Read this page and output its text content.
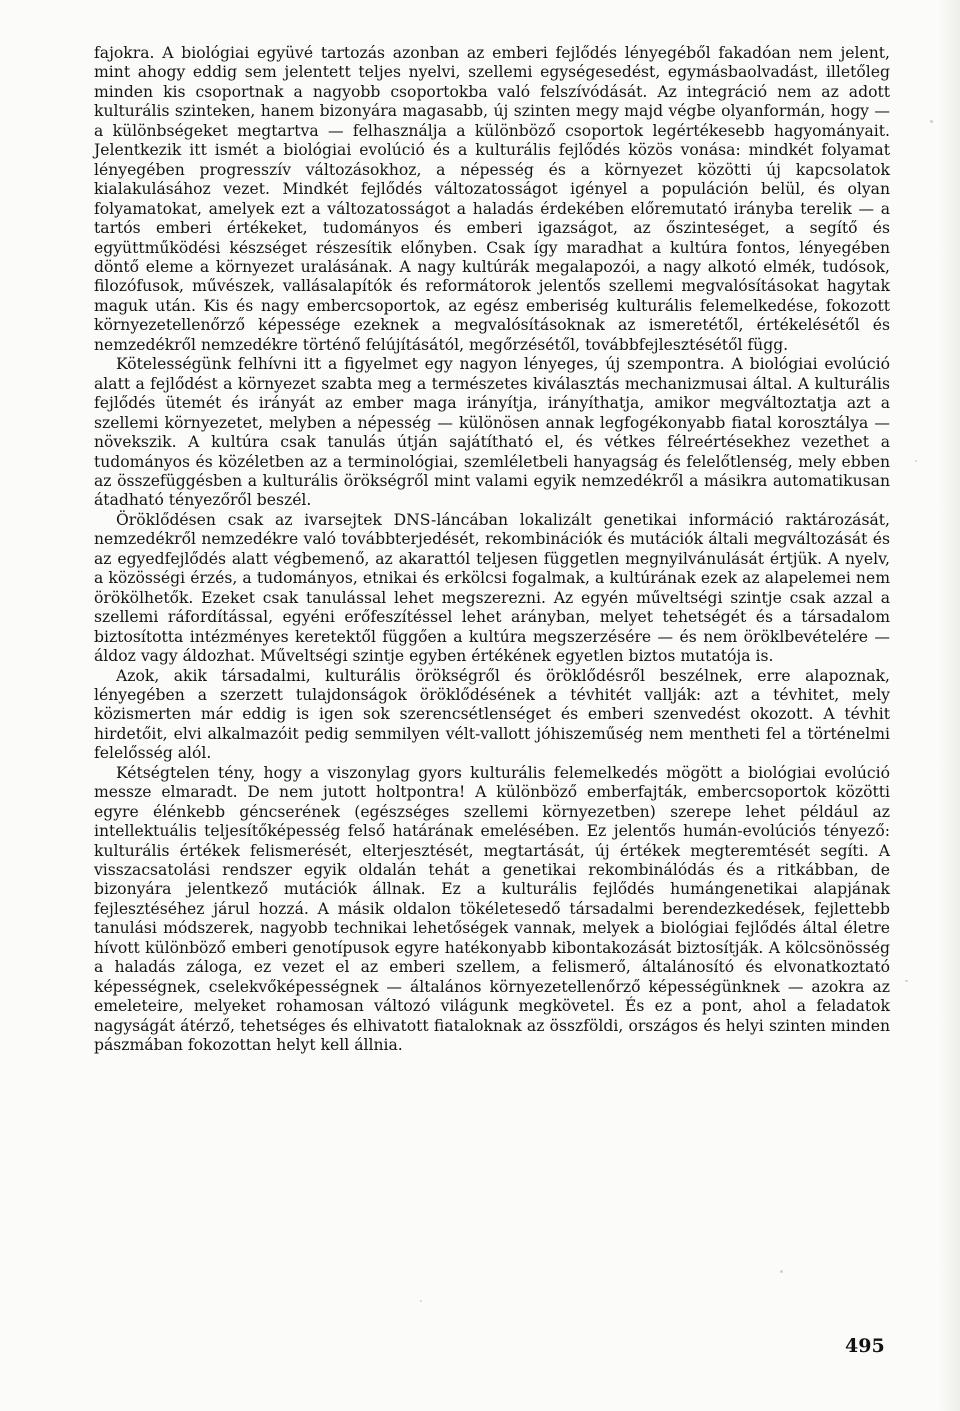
fajokra. A biológiai együvé tartozás azonban az emberi fejlődés lényegéből fakadóan nem jelent, mint ahogy eddig sem jelentett teljes nyelvi, szellemi egységesedést, egymásbaolvadást, illetőleg minden kis csoportnak a nagyobb csoportokba való felszívódását. Az integráció nem az adott kulturális szinteken, hanem bizonyára magasabb, új szinten megy majd végbe olyanformán, hogy — a különbségeket megtartva — felhasználja a különböző csoportok legértékesebb hagyományait. Jelentkezik itt ismét a biológiai evolúció és a kulturális fejlődés közös vonása: mindkét folyamat lényegében progresszív változásokhoz, a népesség és a környezet közötti új kapcsolatok kialakulásához vezet. Mindkét fejlődés változatosságot igényel a populáción belül, és olyan folyamatokat, amelyek ezt a változatosságot a haladás érdekében előremutató irányba terelik — a tartós emberi értékeket, tudományos és emberi igazságot, az őszinteséget, a segítő és együttműködési készséget részesítik előnyben. Csak így maradhat a kultúra fontos, lényegében döntő eleme a környezet uralásának. A nagy kultúrák megalapozói, a nagy alkotó elmék, tudósok, filozófusok, művészek, vallásalapítók és reformátorok jelentős szellemi megvalósításokat hagytak maguk után. Kis és nagy embercsoportok, az egész emberiség kulturális felemelkedése, fokozott környezetellenőrző képessége ezeknek a megvalósításoknak az ismeretétől, értékelésétől és nemzedékről nemzedékre történő felújításától, megőrzésétől, továbbfejlesztésétől függ.

Kötelességünk felhívni itt a figyelmet egy nagyon lényeges, új szempontra. A biológiai evolúció alatt a fejlődést a környezet szabta meg a természetes kiválasztás mechanizmusai által. A kulturális fejlődés ütemét és irányát az ember maga irányítja, irányíthatja, amikor megváltoztatja azt a szellemi környezetet, melyben a népesség — különösen annak legfogékonyabb fiatal korosztálya — növekszik. A kultúra csak tanulás útján sajátítható el, és vétkes félreértésekhez vezethet a tudományos és közéletben az a terminológiai, szemléletbeli hanyagság és felelőtlenség, mely ebben az összefüggésben a kulturális örökségről mint valami egyik nemzedékről a másikra automatikusan átadható tényezőről beszél.

Öröklődésen csak az ivarsejtek DNS-láncában lokalizált genetikai információ raktározását, nemzedékről nemzedékre való továbbterjedését, rekombinációk és mutációk általi megváltozását és az egyedfejlődés alatt végbemenő, az akarattól teljesen független megnyilvánulását értjük. A nyelv, a közösségi érzés, a tudományos, etnikai és erkölcsi fogalmak, a kultúrának ezek az alapelemei nem örökölhetők. Ezeket csak tanulással lehet megszerezni. Az egyén műveltségi szintje csak azzal a szellemi ráfordítással, egyéni erőfeszítéssel lehet arányban, melyet tehetségét és a társadalom biztosította intézményes keretektől függően a kultúra megszerzésére — és nem öröklbevételére — áldoz vagy áldozhat. Műveltségi szintje egyben értékének egyetlen biztos mutatója is.

Azok, akik társadalmi, kulturális örökségről és öröklődésről beszélnek, erre alapoznak, lényegében a szerzett tulajdonságok öröklődésének a tévhitét vallják: azt a tévhitet, mely közismerten már eddig is igen sok szerencsétlenséget és emberi szenvedést okozott. A tévhit hirdetőit, elvi alkalmazóit pedig semmilyen vélt-vallott jóhiszeműség nem mentheti fel a történelmi felelősség alól.

Kétségtelen tény, hogy a viszonylag gyors kulturális felemelkedés mögött a biológiai evolúció messze elmaradt. De nem jutott holtpontra! A különböző emberfajták, embercsoportok közötti egyre élénkebb géncserének (egészséges szellemi környezetben) szerepe lehet például az intellektuális teljesítőképesség felső határának emelésében. Ez jelentős humán-evolúciós tényező: kulturális értékek felismerését, elterjesztését, megtartását, új értékek megteremtését segíti. A visszacsatolási rendszer egyik oldalán tehát a genetikai rekombinálódás és a ritkábban, de bizonyára jelentkező mutációk állnak. Ez a kulturális fejlődés humángenetikai alapjának fejlesztéséhez járul hozzá. A másik oldalon tökéletesedő társadalmi berendezkedések, fejlettebb tanulási módszerek, nagyobb technikai lehetőségek vannak, melyek a biológiai fejlődés által életre hívott különböző emberi genotípusok egyre hatékonyabb kibontakozását biztosítják. A kölcsönösség a haladás záloga, ez vezet el az emberi szellem, a felismerő, általánosító és elvonatkoztató képességnek, cselekvőképességnek — általános környezetellenőrző képességünknek — azokra az emeleteire, melyeket rohamosan változó világunk megkövetel. És ez a pont, ahol a feladatok nagyságát átérző, tehetséges és elhivatott fiataloknak az összföldi, országos és helyi szinten minden pászmában fokozottan helyt kell állnia.

495
